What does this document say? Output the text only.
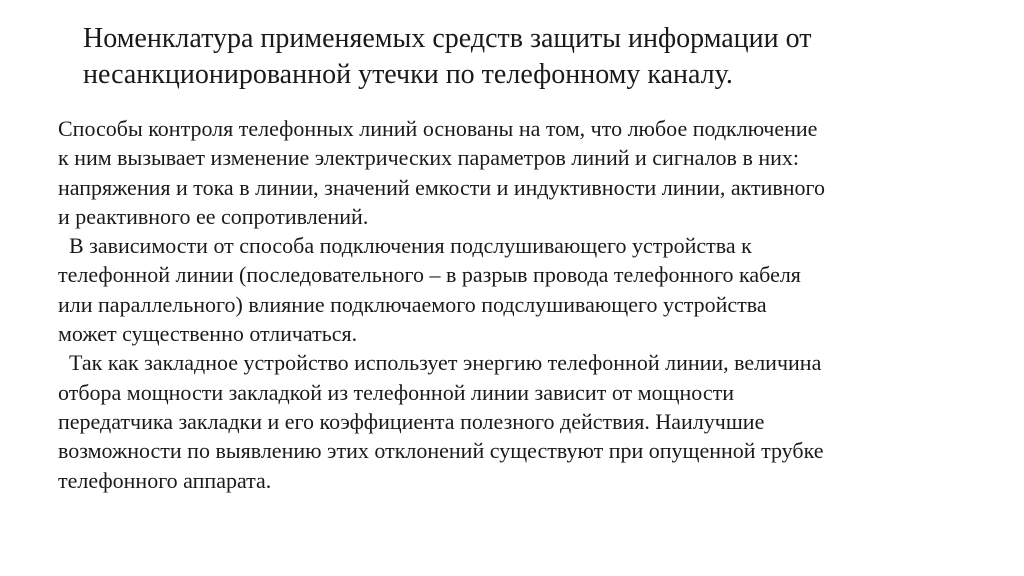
Номенклатура применяемых средств защиты информации от
несанкционированной утечки по телефонному каналу.

Способы контроля телефонных линий основаны на том, что любое подключение
к ним вызывает изменение электрических параметров линий и сигналов в них:
напряжения и тока в линии, значений емкости и индуктивности линии, активного
и реактивного ее сопротивлений.

В зависимости от способа подключения подслушивающего устройства к
телефонной линии (последовательного – в разрыв провода телефонного кабеля
или параллельного) влияние подключаемого подслушивающего устройства
может существенно отличаться.

Так как закладное устройство использует энергию телефонной линии, величина
отбора мощности закладкой из телефонной линии зависит от мощности
передатчика закладки и его коэффициента полезного действия. Наилучшие
возможности по выявлению этих отклонений существуют при опущенной трубке
телефонного аппарата.
